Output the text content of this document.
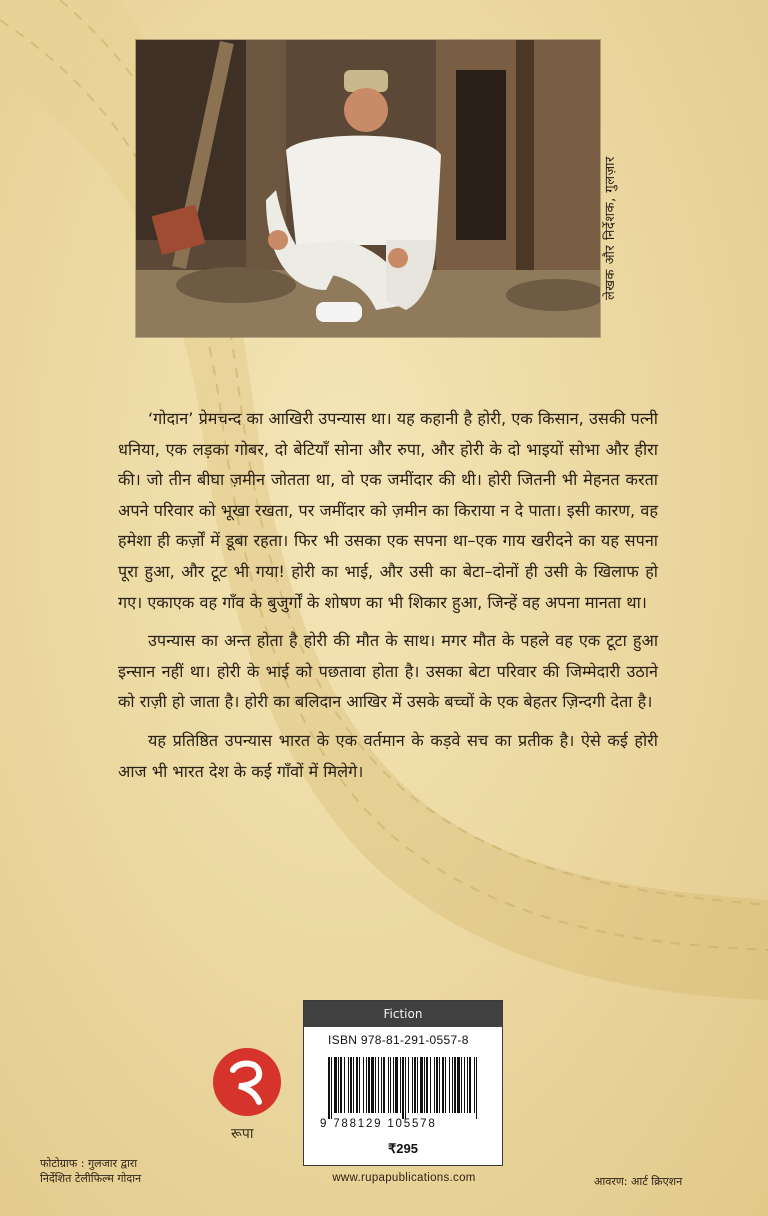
लेखक और निर्देशक, गुलज़ार

‘गोदान’ प्रेमचन्द का आखिरी उपन्यास था। यह कहानी है होरी, एक किसान, उसकी पत्नी धनिया, एक लड़का गोबर, दो बेटियाँ सोना और रुपा, और होरी के दो भाइयों सोभा और हीरा की। जो तीन बीघा ज़मीन जोतता था, वो एक जमींदार की थी। होरी जितनी भी मेहनत करता अपने परिवार को भूखा रखता, पर जमींदार को ज़मीन का किराया न दे पाता। इसी कारण, वह हमेशा ही कर्ज़ों में डूबा रहता। फिर भी उसका एक सपना था–एक गाय खरीदने का यह सपना पूरा हुआ, और टूट भी गया! होरी का भाई, और उसी का बेटा–दोनों ही उसी के खिलाफ हो गए। एकाएक वह गाँव के बुजुर्गों के शोषण का भी शिकार हुआ, जिन्हें वह अपना मानता था।

उपन्यास का अन्त होता है होरी की मौत के साथ। मगर मौत के पहले वह एक टूटा हुआ इन्सान नहीं था। होरी के भाई को पछतावा होता है। उसका बेटा परिवार की जिम्मेदारी उठाने को राज़ी हो जाता है। होरी का बलिदान आखिर में उसके बच्चों के एक बेहतर ज़िन्दगी देता है।

यह प्रतिष्ठित उपन्यास भारत के एक वर्तमान के कड़वे सच का प्रतीक है। ऐसे कई होरी आज भी भारत देश के कई गाँवों में मिलेगे।

रूपा
फोटोग्राफ : गुलजार द्वारा
निर्देशित टेलीफिल्म गोदान	आवरण: आर्ट क्रिएशन
Fiction
ISBN 978-81-291-0557-8
9 788129 105578
₹295
www.rupapublications.com
